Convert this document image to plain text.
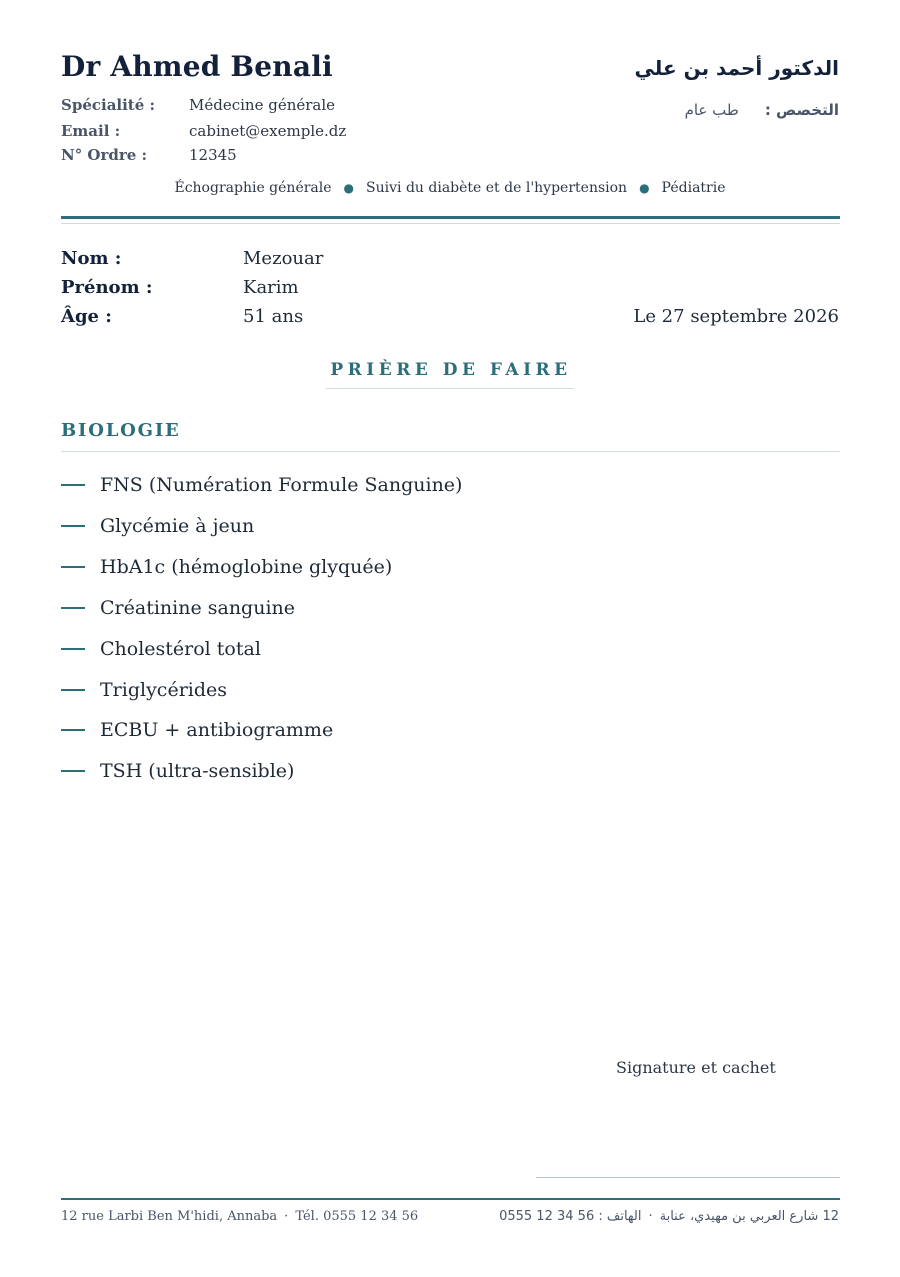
Dr Ahmed Benali	الدكتور أحمد بن علي
Spécialité : Médecine générale
Email :	cabinet@exemple.dz
N° Ordre :	12345
التخصص :طب عام
Échographie générale ● Suivi du diabète et de l'hypertension ● Pédiatrie
Nom :	Mezouar
Prénom :	Karim
Âge :	51 ans	Le 27 septembre 2026
PRIÈRE DE FAIRE
BIOLOGIE
FNS (Numération Formule Sanguine)
Glycémie à jeun
HbA1c (hémoglobine glyquée)
Créatinine sanguine
Cholestérol total
Triglycérides
ECBU + antibiogramme
TSH (ultra-sensible)
Signature et cachet
12 rue Larbi Ben M'hidi, Annaba · Tél. 0555 12 34 56	12 شارع العربي بن مهيدي، عنابة·الهاتف : 56 34 12 0555
